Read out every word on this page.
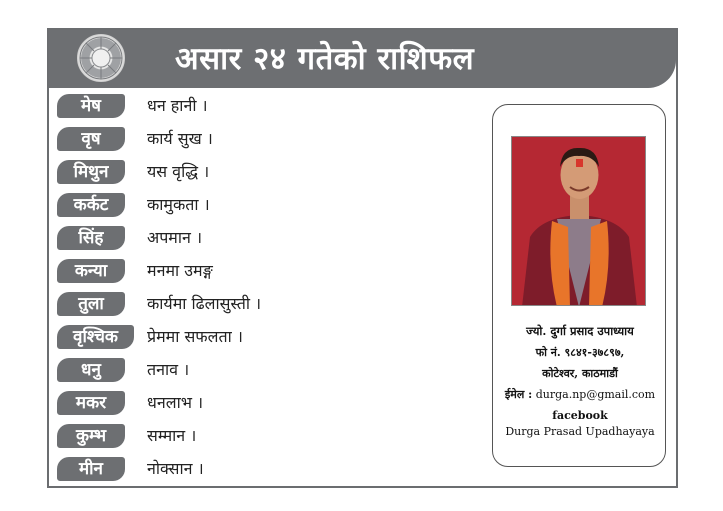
असार २४ गतेको राशिफल
मेष	धन हानी ।
वृष	कार्य सुख ।
मिथुन	यस वृद्धि ।
कर्कट	कामुकता ।
सिंह	अपमान ।
कन्या	मनमा उमङ्ग
तुला	कार्यमा ढिलासुस्ती ।
वृश्चिक	प्रेममा सफलता ।
धनु	तनाव ।
मकर	धनलाभ ।
कुम्भ	सम्मान ।
मीन	नोक्सान ।
ज्यो. दुर्गा प्रसाद उपाध्याय
फो नं. ९८४१-३७८९७,
कोटेश्वर, काठमाडौं
ईमेल : durga.np@gmail.com
facebook
Durga Prasad Upadhayaya
